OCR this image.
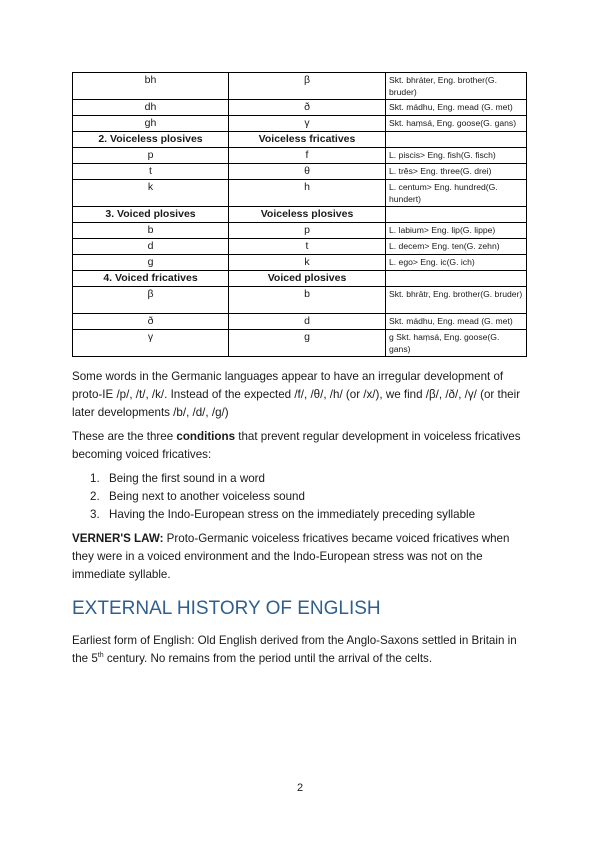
bh	β	Skt. bhráter, Eng. brother(G. bruder)
dh	ð	Skt. mádhu, Eng. mead (G. met)
gh	γ	Skt. haṃsá, Eng. goose(G. gans)
2. Voiceless plosives	Voiceless fricatives	
p	f	L. piscis> Eng. fish(G. fisch)
t	θ	L. três> Eng. three(G. drei)
k	h	L. centum> Eng. hundred(G. hundert)
3. Voiced plosives	Voiceless plosives	
b	p	L. labium> Eng. lip(G. lippe)
d	t	L. decem> Eng. ten(G. zehn)
g	k	L. ego> Eng. ic(G. ich)
4. Voiced fricatives	Voiced plosives	
β	b	Skt. bhrātr, Eng. brother(G. bruder)
ð	d	Skt. mádhu, Eng. mead (G. met)
γ	g	g Skt. haṃsá, Eng. goose(G. gans)

Some words in the Germanic languages appear to have an irregular development of proto-IE /p/, /t/, /k/. Instead of the expected /f/, /θ/, /h/ (or /x/), we find /β/, /ð/, /γ/ (or their later developments /b/, /d/, /g/)

These are the three conditions that prevent regular development in voiceless fricatives becoming voiced fricatives:

1. Being the first sound in a word
2. Being next to another voiceless sound
3. Having the Indo-European stress on the immediately preceding syllable

VERNER'S LAW: Proto-Germanic voiceless fricatives became voiced fricatives when they were in a voiced environment and the Indo-European stress was not on the immediate syllable.

EXTERNAL HISTORY OF ENGLISH

Earliest form of English: Old English derived from the Anglo-Saxons settled in Britain in the 5th century. No remains from the period until the arrival of the celts.

2
